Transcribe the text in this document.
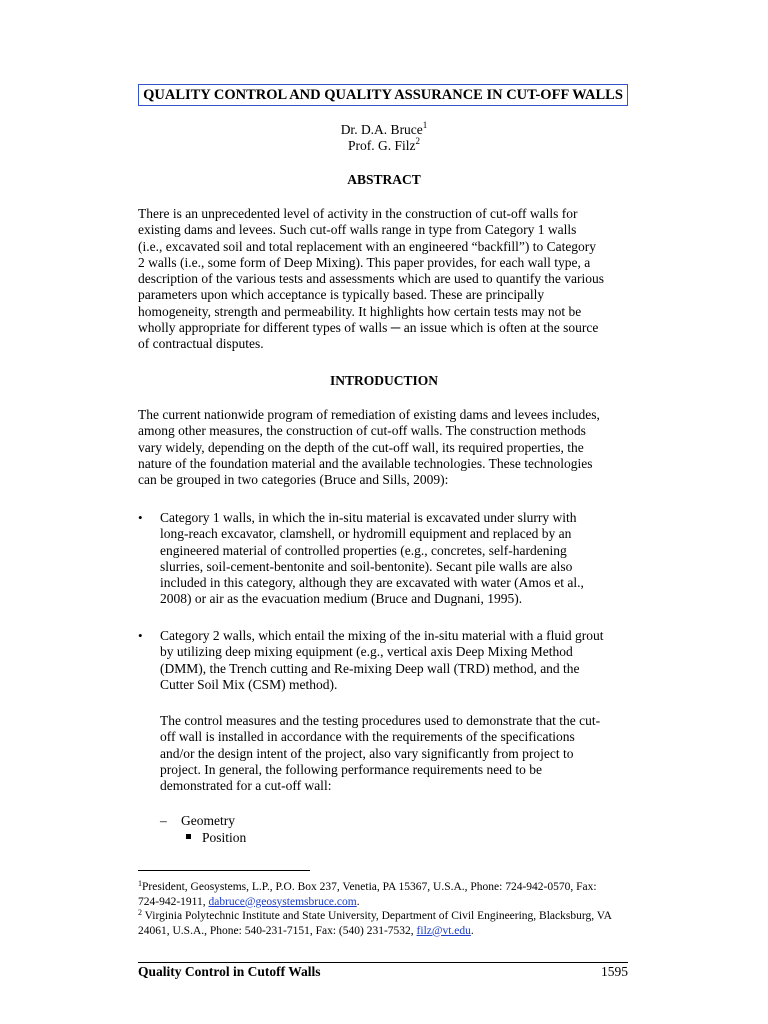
QUALITY CONTROL AND QUALITY ASSURANCE IN CUT-OFF WALLS
Dr. D.A. Bruce$^1$
Prof. G. Filz$^2$
ABSTRACT
There is an unprecedented level of activity in the construction of cut-off walls for
existing dams and levees. Such cut-off walls range in type from Category 1 walls
(i.e., excavated soil and total replacement with an engineered “backfill”) to Category
2 walls (i.e., some form of Deep Mixing). This paper provides, for each wall type, a
description of the various tests and assessments which are used to quantify the various
parameters upon which acceptance is typically based. These are principally
homogeneity, strength and permeability. It highlights how certain tests may not be
wholly appropriate for different types of walls ─ an issue which is often at the source
of contractual disputes.
INTRODUCTION
The current nationwide program of remediation of existing dams and levees includes,
among other measures, the construction of cut-off walls. The construction methods
vary widely, depending on the depth of the cut-off wall, its required properties, the
nature of the foundation material and the available technologies. These technologies
can be grouped in two categories (Bruce and Sills, 2009):
• Category 1 walls, in which the in-situ material is excavated under slurry with
long-reach excavator, clamshell, or hydromill equipment and replaced by an
engineered material of controlled properties (e.g., concretes, self-hardening
slurries, soil-cement-bentonite and soil-bentonite). Secant pile walls are also
included in this category, although they are excavated with water (Amos et al.,
2008) or air as the evacuation medium (Bruce and Dugnani, 1995).
• Category 2 walls, which entail the mixing of the in-situ material with a fluid grout
by utilizing deep mixing equipment (e.g., vertical axis Deep Mixing Method
(DMM), the Trench cutting and Re-mixing Deep wall (TRD) method, and the
Cutter Soil Mix (CSM) method).
The control measures and the testing procedures used to demonstrate that the cut-
off wall is installed in accordance with the requirements of the specifications
and/or the design intent of the project, also vary significantly from project to
project. In general, the following performance requirements need to be
demonstrated for a cut-off wall:
– Geometry
Position
$^1$President, Geosystems, L.P., P.O. Box 237, Venetia, PA 15367, U.S.A., Phone: 724-942-0570, Fax:
724-942-1911, dabruce@geosystemsbruce.com.
$^2$ Virginia Polytechnic Institute and State University, Department of Civil Engineering, Blacksburg, VA
24061, U.S.A., Phone: 540-231-7151, Fax: (540) 231-7532, filz@vt.edu.
Quality Control in Cutoff Walls	1595
